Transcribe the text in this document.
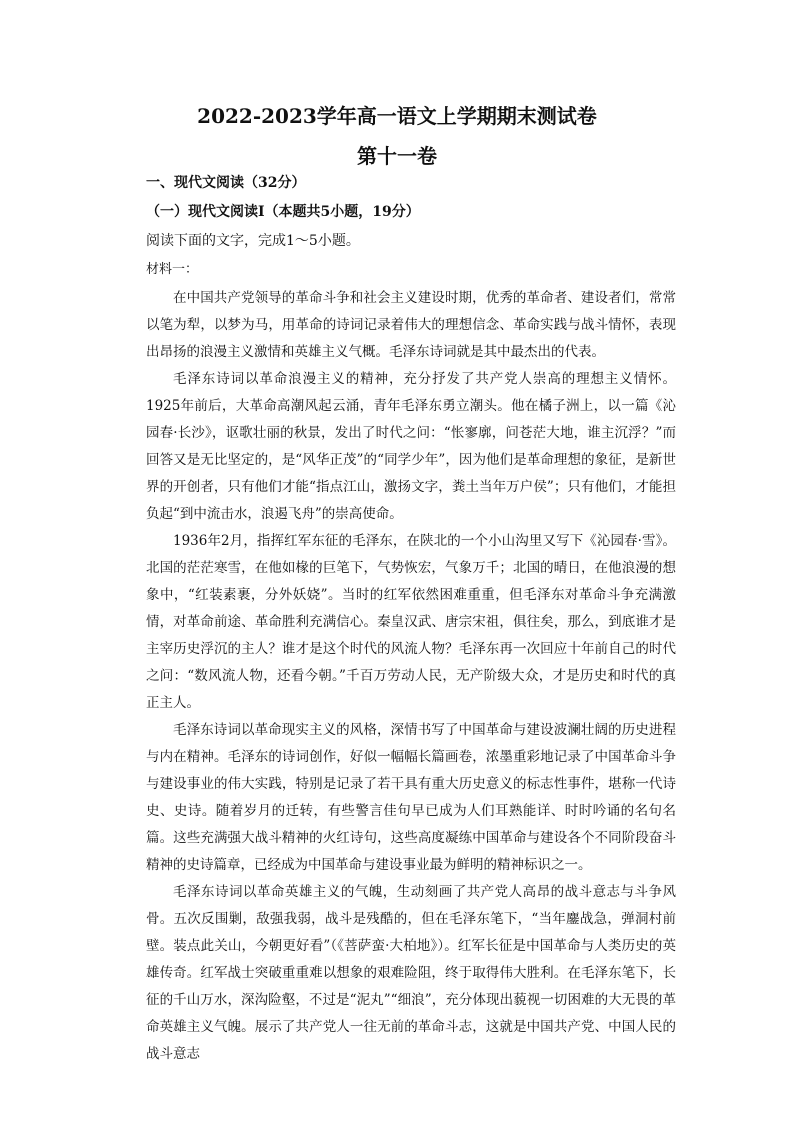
2022-2023学年高一语文上学期期末测试卷
第十一卷
一、现代文阅读（32分）
（一）现代文阅读Ⅰ（本题共5小题，19分）
阅读下面的文字，完成1～5小题。
材料一：

在中国共产党领导的革命斗争和社会主义建设时期，优秀的革命者、建设者们，常常以笔为犁，以梦为马，用革命的诗词记录着伟大的理想信念、革命实践与战斗情怀，表现出昂扬的浪漫主义激情和英雄主义气概。毛泽东诗词就是其中最杰出的代表。

毛泽东诗词以革命浪漫主义的精神，充分抒发了共产党人崇高的理想主义情怀。1925年前后，大革命高潮风起云涌，青年毛泽东勇立潮头。他在橘子洲上，以一篇《沁园春·长沙》，讴歌壮丽的秋景，发出了时代之问：“怅寥廓，问苍茫大地，谁主沉浮？”而回答又是无比坚定的，是“风华正茂”的“同学少年”，因为他们是革命理想的象征，是新世界的开创者，只有他们才能“指点江山，激扬文字，粪土当年万户侯”；只有他们，才能担负起“到中流击水，浪遏飞舟”的崇高使命。

1936年2月，指挥红军东征的毛泽东，在陕北的一个小山沟里又写下《沁园春·雪》。北国的茫茫寒雪，在他如椽的巨笔下，气势恢宏，气象万千；北国的晴日，在他浪漫的想象中，“红装素裹，分外妖娆”。当时的红军依然困难重重，但毛泽东对革命斗争充满激情，对革命前途、革命胜利充满信心。秦皇汉武、唐宗宋祖，俱往矣，那么，到底谁才是主宰历史浮沉的主人？谁才是这个时代的风流人物？毛泽东再一次回应十年前自己的时代之问：“数风流人物，还看今朝。”千百万劳动人民，无产阶级大众，才是历史和时代的真正主人。

毛泽东诗词以革命现实主义的风格，深情书写了中国革命与建设波澜壮阔的历史进程与内在精神。毛泽东的诗词创作，好似一幅幅长篇画卷，浓墨重彩地记录了中国革命斗争与建设事业的伟大实践，特别是记录了若干具有重大历史意义的标志性事件，堪称一代诗史、史诗。随着岁月的迁转，有些警言佳句早已成为人们耳熟能详、时时吟诵的名句名篇。这些充满强大战斗精神的火红诗句，这些高度凝练中国革命与建设各个不同阶段奋斗精神的史诗篇章，已经成为中国革命与建设事业最为鲜明的精神标识之一。

毛泽东诗词以革命英雄主义的气魄，生动刻画了共产党人高昂的战斗意志与斗争风骨。五次反围剿，敌强我弱，战斗是残酷的，但在毛泽东笔下，“当年鏖战急，弹洞村前壁。装点此关山，今朝更好看”（《菩萨蛮·大柏地》）。红军长征是中国革命与人类历史的英雄传奇。红军战士突破重重难以想象的艰难险阻，终于取得伟大胜利。在毛泽东笔下，长征的千山万水，深沟险壑，不过是“泥丸”“细浪”，充分体现出藐视一切困难的大无畏的革命英雄主义气魄。展示了共产党人一往无前的革命斗志，这就是中国共产党、中国人民的战斗意志
